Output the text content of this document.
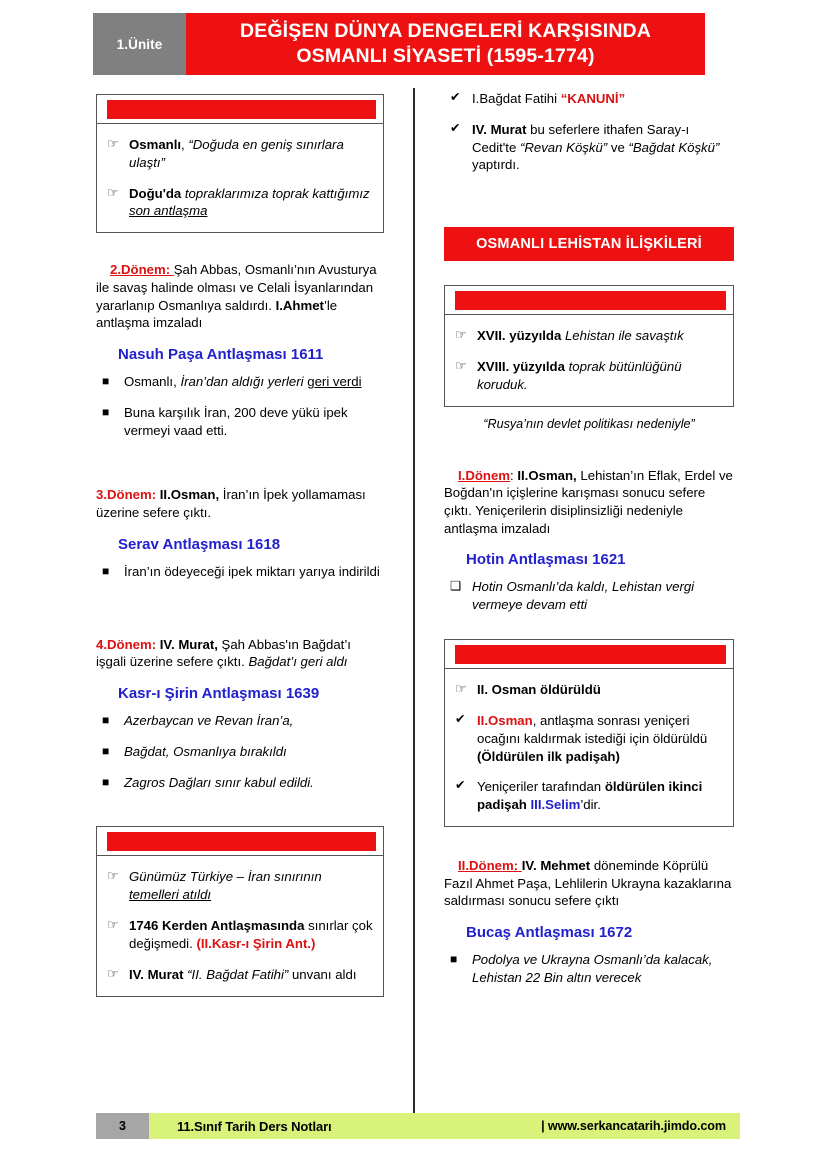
1.Ünite
DEĞİŞEN DÜNYA DENGELERİ KARŞISINDA
OSMANLI SİYASETİ (1595-1774)
☞ Osmanlı, “Doğuda en geniş sınırlara ulaştı”
☞ Doğu'da topraklarımıza toprak kattığımız son antlaşma

2.Dönem: Şah Abbas, Osmanlı’nın Avusturya ile savaş halinde olması ve Celali İsyanlarından yararlanıp Osmanlıya saldırdı. I.Ahmet’le antlaşma imzaladı

Nasuh Paşa Antlaşması 1611
■ Osmanlı, İran’dan aldığı yerleri geri verdi
■ Buna karşılık İran, 200 deve yükü ipek vermeyi vaad etti.

3.Dönem: II.Osman, İran’ın İpek yollamaması üzerine sefere çıktı.

Serav Antlaşması 1618
■ İran’ın ödeyeceği ipek miktarı yarıya indirildi

4.Dönem: IV. Murat, Şah Abbas'ın Bağdat’ı işgali üzerine sefere çıktı. Bağdat’ı geri aldı

Kasr-ı Şirin Antlaşması 1639
■ Azerbaycan ve Revan İran’a,
■ Bağdat, Osmanlıya bırakıldı
■ Zagros Dağları sınır kabul edildi.
☞ Günümüz Türkiye – İran sınırının temelleri atıldı
☞ 1746 Kerden Antlaşmasında sınırlar çok değişmedi. (II.Kasr-ı Şirin Ant.)
☞ IV. Murat “II. Bağdat Fatihi” unvanı aldı
✔ I.Bağdat Fatihi “KANUNİ”
✔ IV. Murat bu seferlere ithafen Saray-ı Cedit'te “Revan Köşkü” ve “Bağdat Köşkü” yaptırdı.
OSMANLI LEHİSTAN İLİŞKİLERİ
☞ XVII. yüzyılda Lehistan ile savaştık
☞ XVIII. yüzyılda toprak bütünlüğünü koruduk.
“Rusya’nın devlet politikası nedeniyle”

I.Dönem: II.Osman, Lehistan’ın Eflak, Erdel ve Boğdan'ın içişlerine karışması sonucu sefere çıktı. Yeniçerilerin disiplinsizliği nedeniyle antlaşma imzaladı

Hotin Antlaşması 1621
❑ Hotin Osmanlı’da kaldı, Lehistan vergi vermeye devam etti
☞ II. Osman öldürüldü
✔ II.Osman, antlaşma sonrası yeniçeri ocağını kaldırmak istediği için öldürüldü (Öldürülen ilk padişah)
✔ Yeniçeriler tarafından öldürülen ikinci padişah III.Selim’dir.

II.Dönem: IV. Mehmet döneminde Köprülü Fazıl Ahmet Paşa, Lehlilerin Ukrayna kazaklarına saldırması sonucu sefere çıktı

Bucaş Antlaşması 1672
■ Podolya ve Ukrayna Osmanlı’da kalacak, Lehistan 22 Bin altın verecek
3	11.Sınıf Tarih Ders Notları	| www.serkancatarih.jimdo.com
